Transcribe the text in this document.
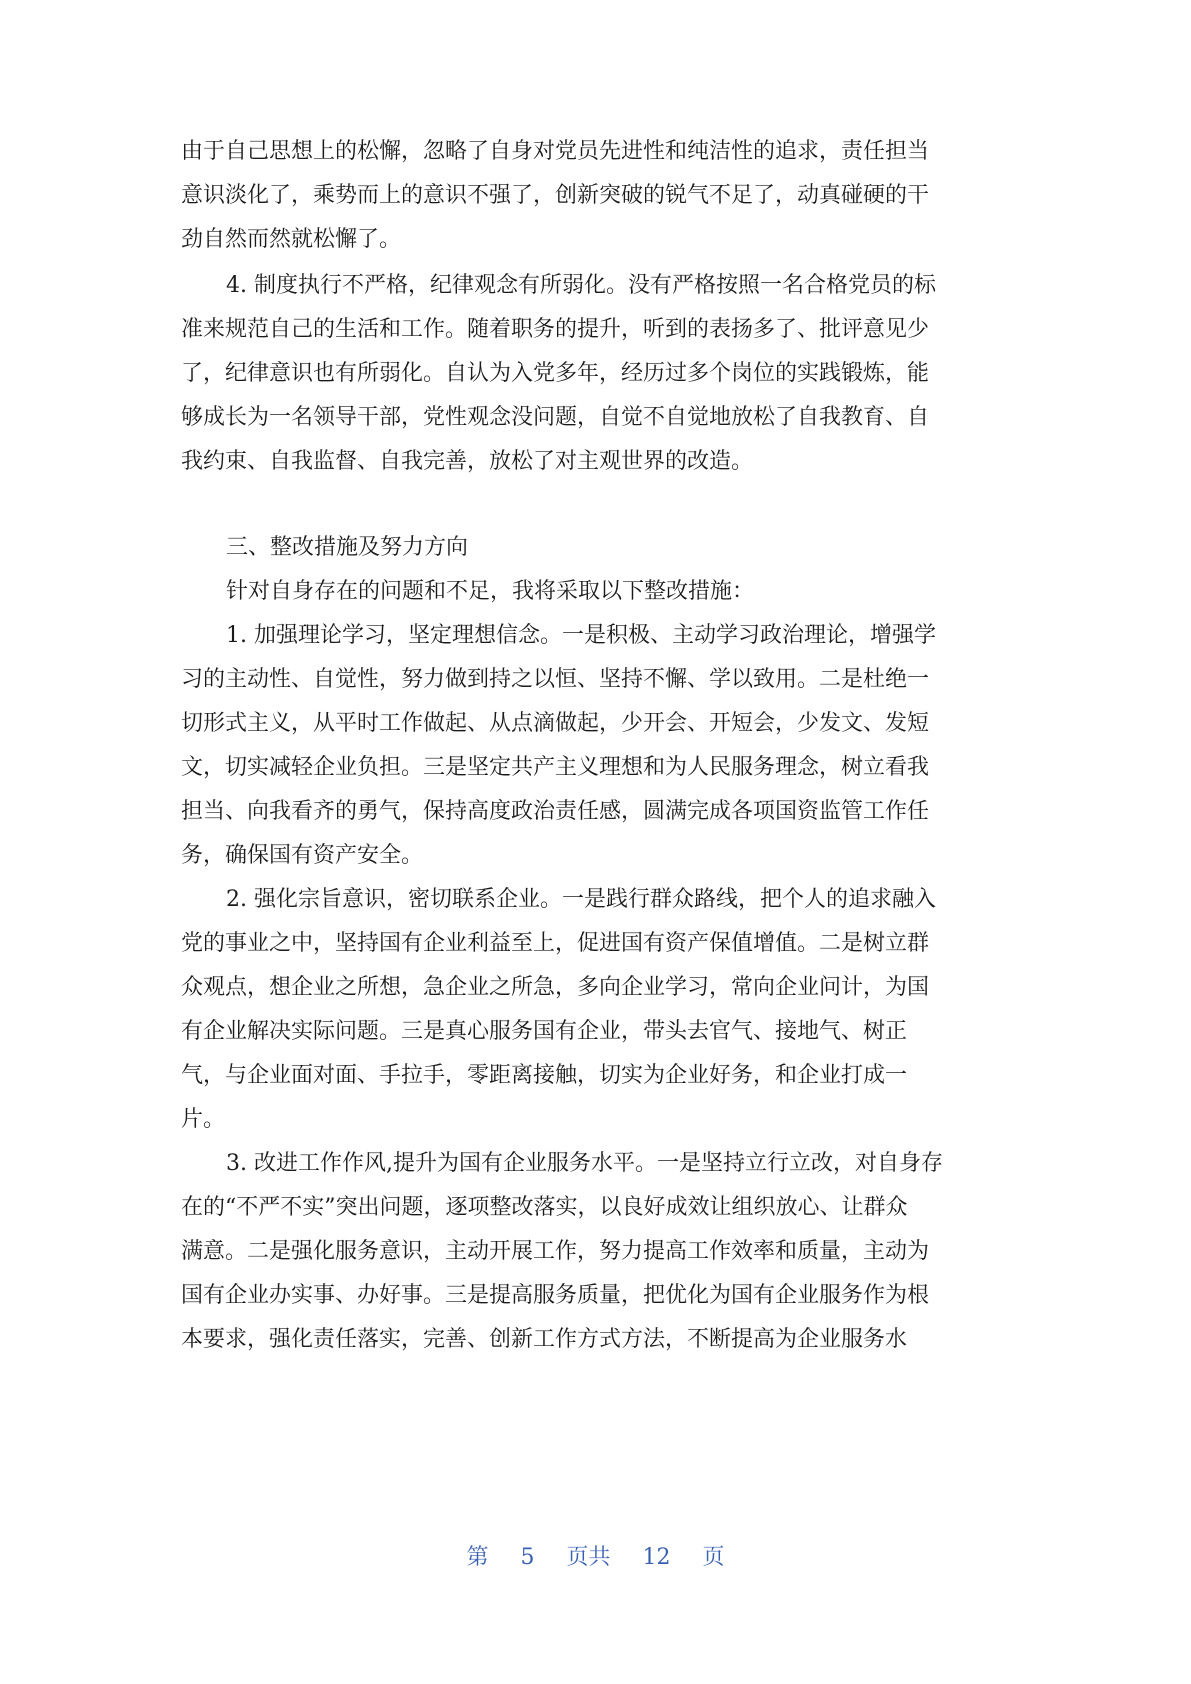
由于自己思想上的松懈，忽略了自身对党员先进性和纯洁性的追求，责任担当
意识淡化了，乘势而上的意识不强了，创新突破的锐气不足了，动真碰硬的干
劲自然而然就松懈了。
4. 制度执行不严格，纪律观念有所弱化。没有严格按照一名合格党员的标
准来规范自己的生活和工作。随着职务的提升，听到的表扬多了、批评意见少
了，纪律意识也有所弱化。自认为入党多年，经历过多个岗位的实践锻炼，能
够成长为一名领导干部，党性观念没问题，自觉不自觉地放松了自我教育、自
我约束、自我监督、自我完善，放松了对主观世界的改造。
三、整改措施及努力方向
针对自身存在的问题和不足，我将采取以下整改措施：
1. 加强理论学习，坚定理想信念。一是积极、主动学习政治理论，增强学
习的主动性、自觉性，努力做到持之以恒、坚持不懈、学以致用。二是杜绝一
切形式主义，从平时工作做起、从点滴做起，少开会、开短会，少发文、发短
文，切实减轻企业负担。三是坚定共产主义理想和为人民服务理念，树立看我
担当、向我看齐的勇气，保持高度政治责任感，圆满完成各项国资监管工作任
务，确保国有资产安全。
2. 强化宗旨意识，密切联系企业。一是践行群众路线，把个人的追求融入
党的事业之中，坚持国有企业利益至上，促进国有资产保值增值。二是树立群
众观点，想企业之所想，急企业之所急，多向企业学习，常向企业问计，为国
有企业解决实际问题。三是真心服务国有企业，带头去官气、接地气、树正
气，与企业面对面、手拉手，零距离接触，切实为企业好务，和企业打成一
片。
3. 改进工作作风,提升为国有企业服务水平。一是坚持立行立改，对自身存
在的“不严不实”突出问题，逐项整改落实，以良好成效让组织放心、让群众
满意。二是强化服务意识，主动开展工作，努力提高工作效率和质量，主动为
国有企业办实事、办好事。三是提高服务质量，把优化为国有企业服务作为根
本要求，强化责任落实，完善、创新工作方式方法，不断提高为企业服务水
第 5 页共 12 页
